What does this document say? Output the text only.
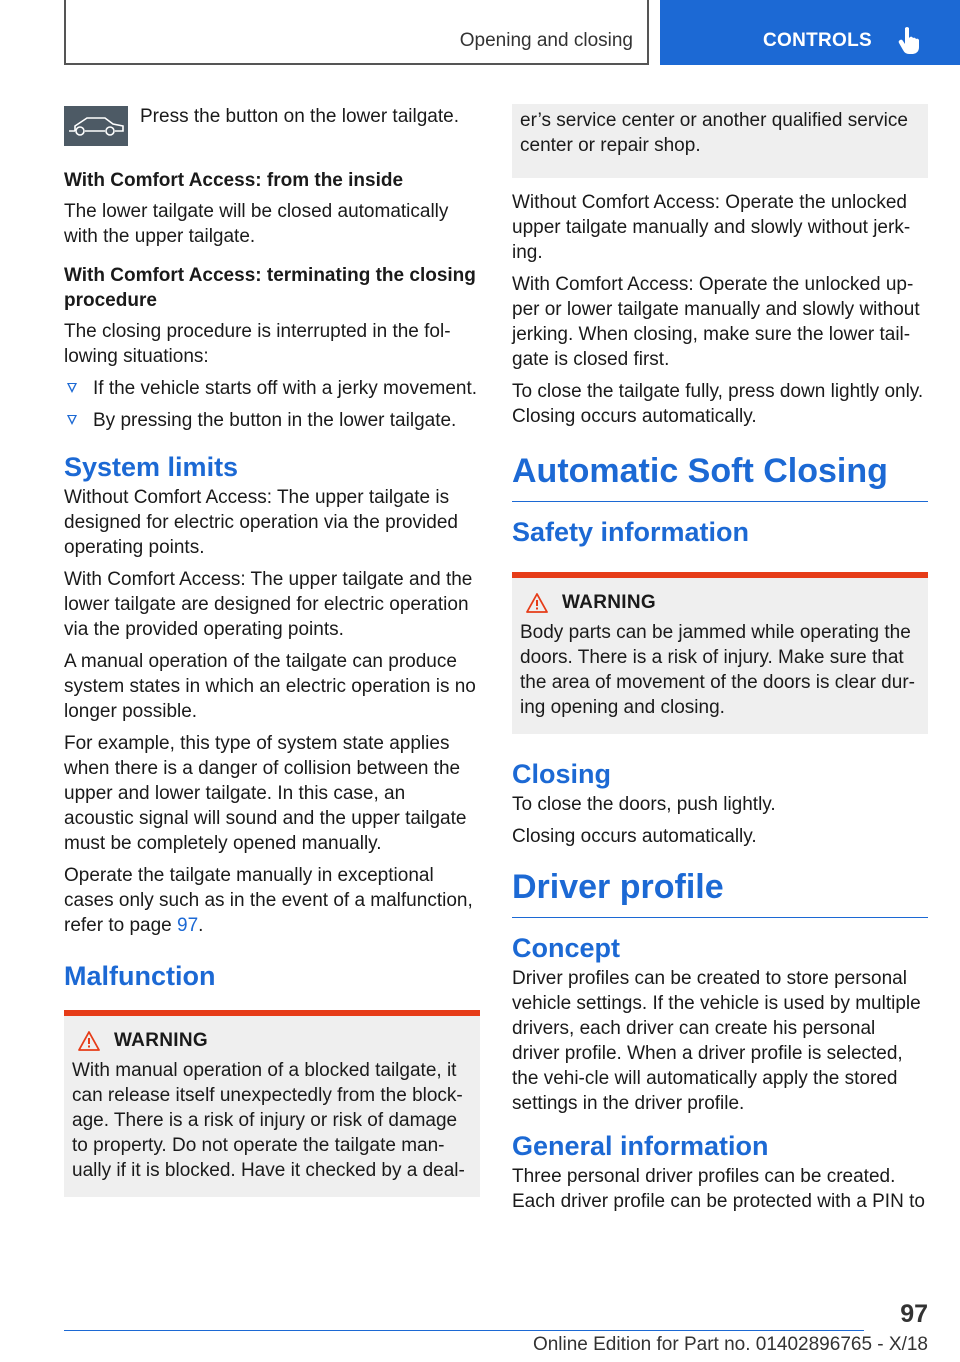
Opening and closing	CONTROLS

Press the button on the lower tailgate.

With Comfort Access: from the inside

The lower tailgate will be closed automatically with the upper tailgate.

With Comfort Access: terminating the closing procedure

The closing procedure is interrupted in the fol‐lowing situations:

If the vehicle starts off with a jerky movement.
By pressing the button in the lower tailgate.
System limits

Without Comfort Access: The upper tailgate is designed for electric operation via the provided operating points.

With Comfort Access: The upper tailgate and the lower tailgate are designed for electric operation via the provided operating points.

A manual operation of the tailgate can produce system states in which an electric operation is no longer possible.

For example, this type of system state applies when there is a danger of collision between the upper and lower tailgate. In this case, an acoustic signal will sound and the upper tailgate must be completely opened manually.

Operate the tailgate manually in exceptional cases only such as in the event of a malfunction, refer to page 97.

Malfunction
WARNING

With manual operation of a blocked tailgate, it can release itself unexpectedly from the block‐age. There is a risk of injury or risk of damage to property. Do not operate the tailgate man‐ually if it is blocked. Have it checked by a deal‐

er’s service center or another qualified service center or repair shop.

Without Comfort Access: Operate the unlocked upper tailgate manually and slowly without jerk‐ing.

With Comfort Access: Operate the unlocked up‐per or lower tailgate manually and slowly without jerking. When closing, make sure the lower tail‐gate is closed first.

To close the tailgate fully, press down lightly only. Closing occurs automatically.

Automatic Soft Closing
Safety information
WARNING

Body parts can be jammed while operating the doors. There is a risk of injury. Make sure that the area of movement of the doors is clear dur‐ing opening and closing.

Closing

To close the doors, push lightly.

Closing occurs automatically.

Driver profile
Concept

Driver profiles can be created to store personal vehicle settings. If the vehicle is used by multiple drivers, each driver can create his personal driver profile. When a driver profile is selected, the vehi‐cle will automatically apply the stored settings in the driver profile.

General information

Three personal driver profiles can be created. Each driver profile can be protected with a PIN to

97
Online Edition for Part no. 01402896765 - X/18
